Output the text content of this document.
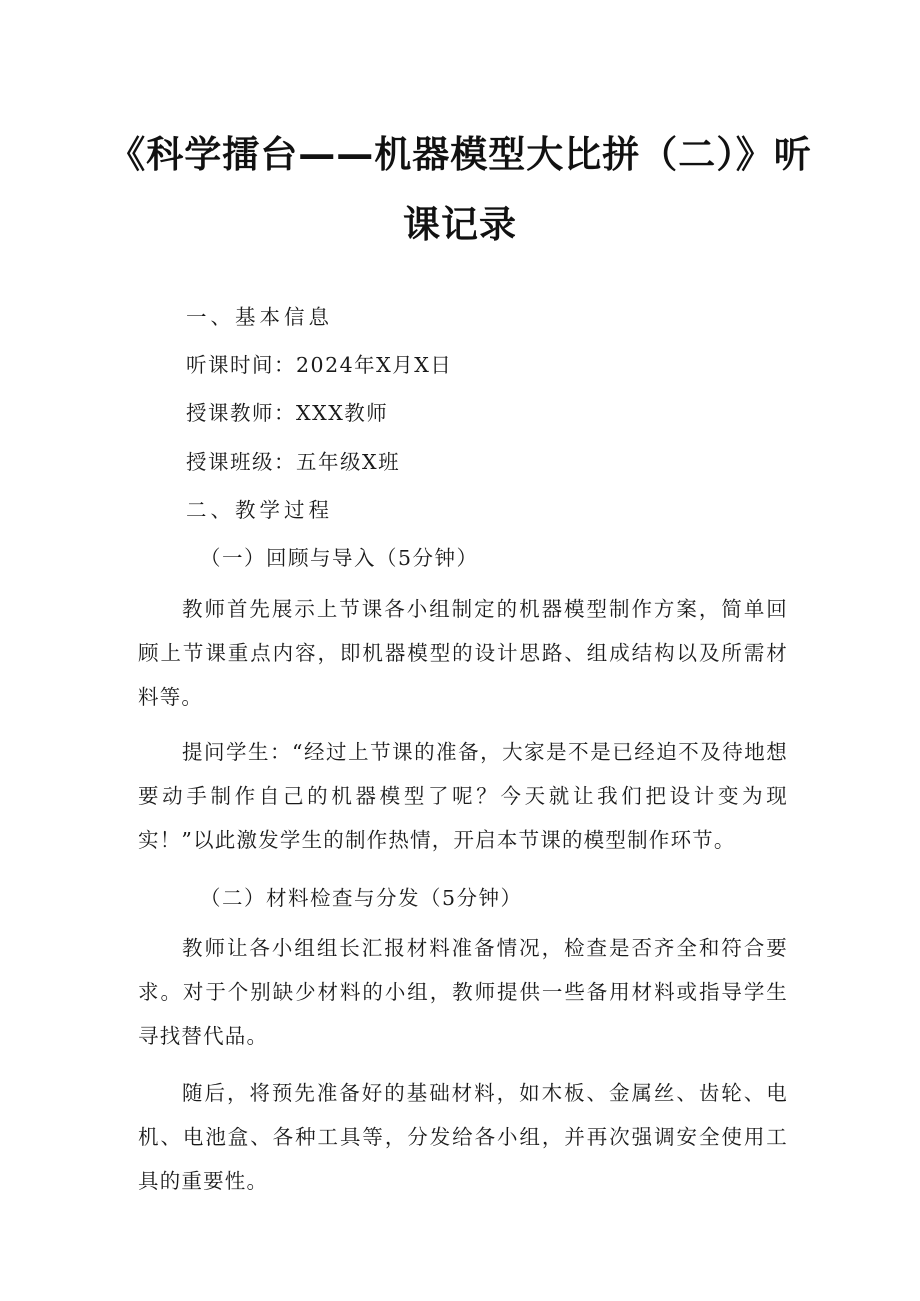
《科学擂台——机器模型大比拼（二）》听
课记录
一、基本信息
听课时间：2024年X月X日
授课教师：XXX教师
授课班级：五年级X班
二、教学过程
（一）回顾与导入（5分钟）

教师首先展示上节课各小组制定的机器模型制作方案，简单回顾上节课重点内容，即机器模型的设计思路、组成结构以及所需材料等。

提问学生：“经过上节课的准备，大家是不是已经迫不及待地想要动手制作自己的机器模型了呢？今天就让我们把设计变为现实！”以此激发学生的制作热情，开启本节课的模型制作环节。

（二）材料检查与分发（5分钟）

教师让各小组组长汇报材料准备情况，检查是否齐全和符合要求。对于个别缺少材料的小组，教师提供一些备用材料或指导学生寻找替代品。

随后，将预先准备好的基础材料，如木板、金属丝、齿轮、电机、电池盒、各种工具等，分发给各小组，并再次强调安全使用工具的重要性。
